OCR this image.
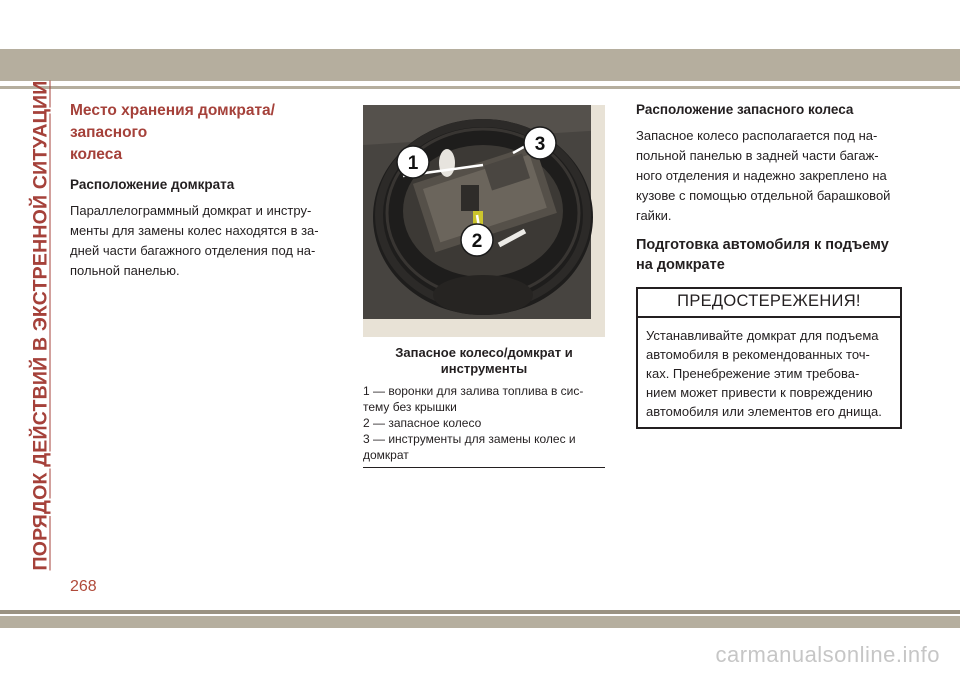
ПОРЯДОК ДЕЙСТВИЙ В ЭКСТРЕННОЙ СИТУАЦИИ Место хранения домкрата/запасного
колеса
Расположение домкрата

Параллелограммный домкрат и инстру-
менты для замены колес находятся в за-
дней части багажного отделения под на-
польной панелью.

1
3
2
Запасное колесо/домкрат и
инструменты
1 — воронки для залива топлива в сис-
тему без крышки
2 — запасное колесо
3 — инструменты для замены колес и
домкрат
Расположение запасного колеса

Запасное колесо располагается под на-
польной панелью в задней части багаж-
ного отделения и надежно закреплено на
кузове с помощью отдельной барашковой
гайки.

Подготовка автомобиля к подъему
на домкрате
ПРЕДОСТЕРЕЖЕНИЯ!
Устанавливайте домкрат для подъема
автомобиля в рекомендованных точ-
ках. Пренебрежение этим требова-
нием может привести к повреждению
автомобиля или элементов его днища.
268
carmanualsonline.info
